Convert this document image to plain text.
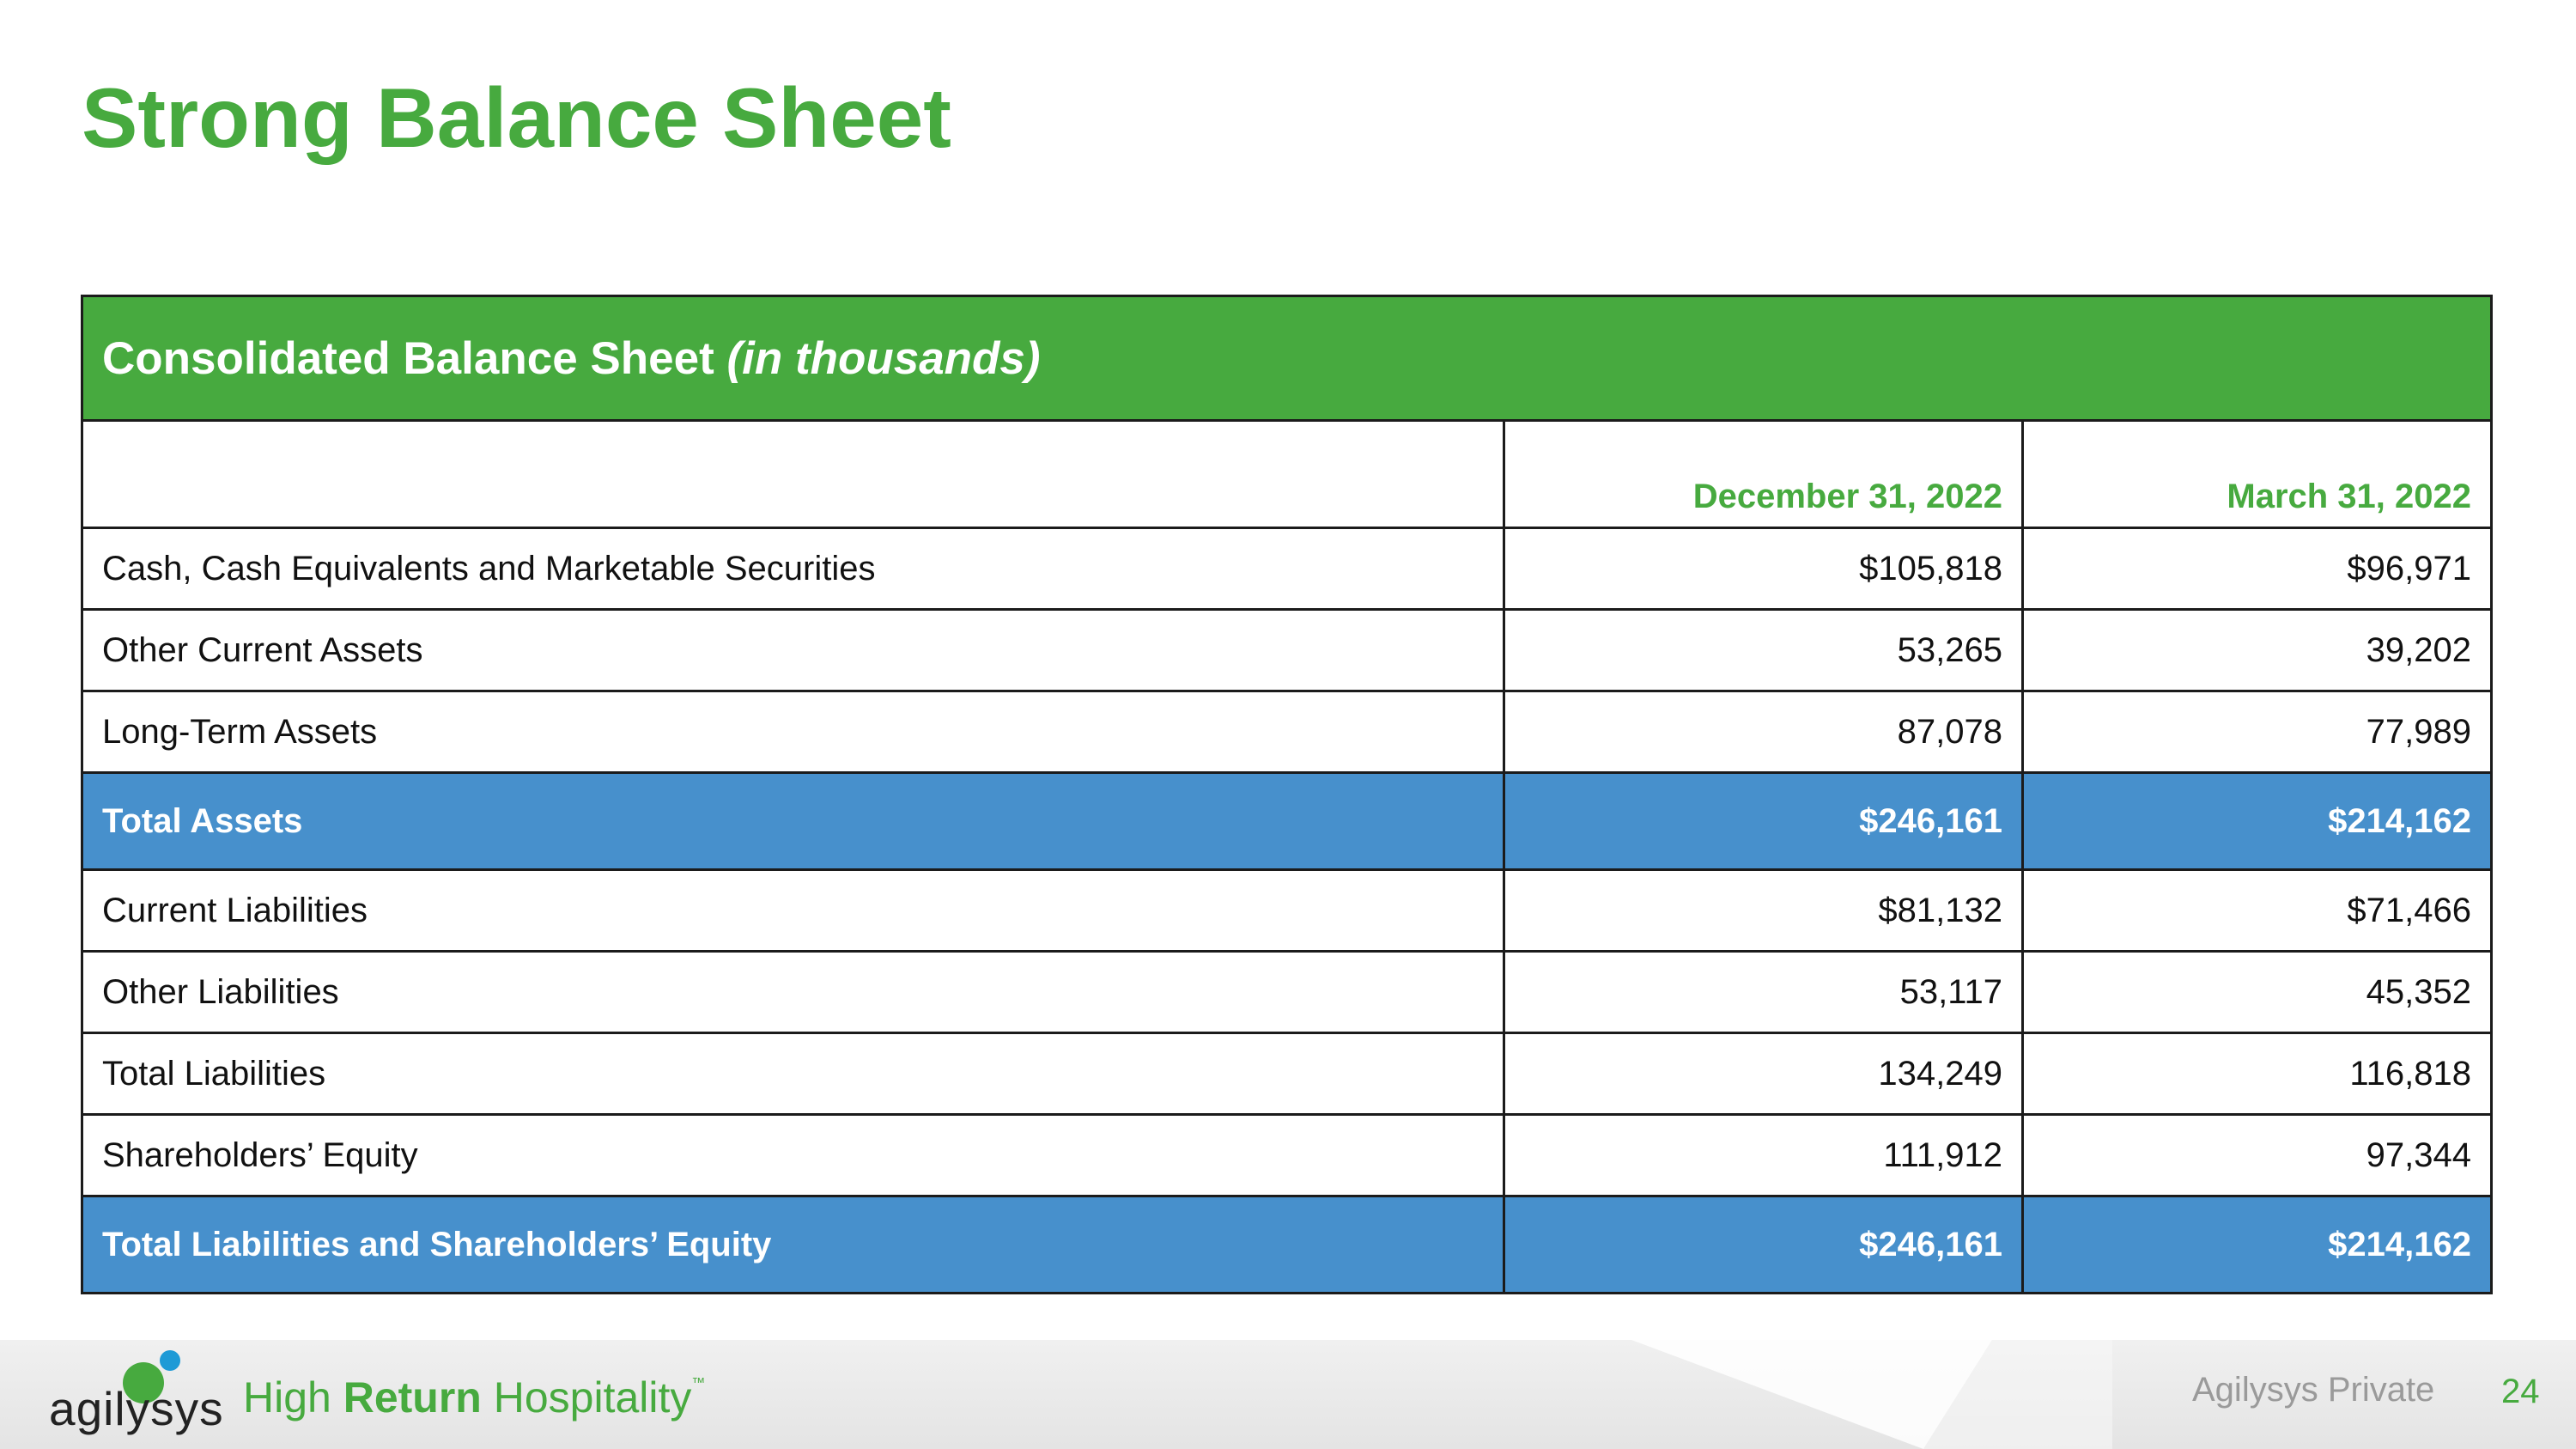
Strong Balance Sheet
Consolidated Balance Sheet (in thousands)		
	December 31, 2022	March 31, 2022
Cash, Cash Equivalents and Marketable Securities	$105,818	$96,971
Other Current Assets	53,265	39,202
Long-Term Assets	87,078	77,989
Total Assets	$246,161	$214,162
Current Liabilities	$81,132	$71,466
Other Liabilities	53,117	45,352
Total Liabilities	134,249	116,818
Shareholders’ Equity	111,912	97,344
Total Liabilities and Shareholders’ Equity	$246,161	$214,162
agilysys High Return Hospitality™	Agilysys Private 24
